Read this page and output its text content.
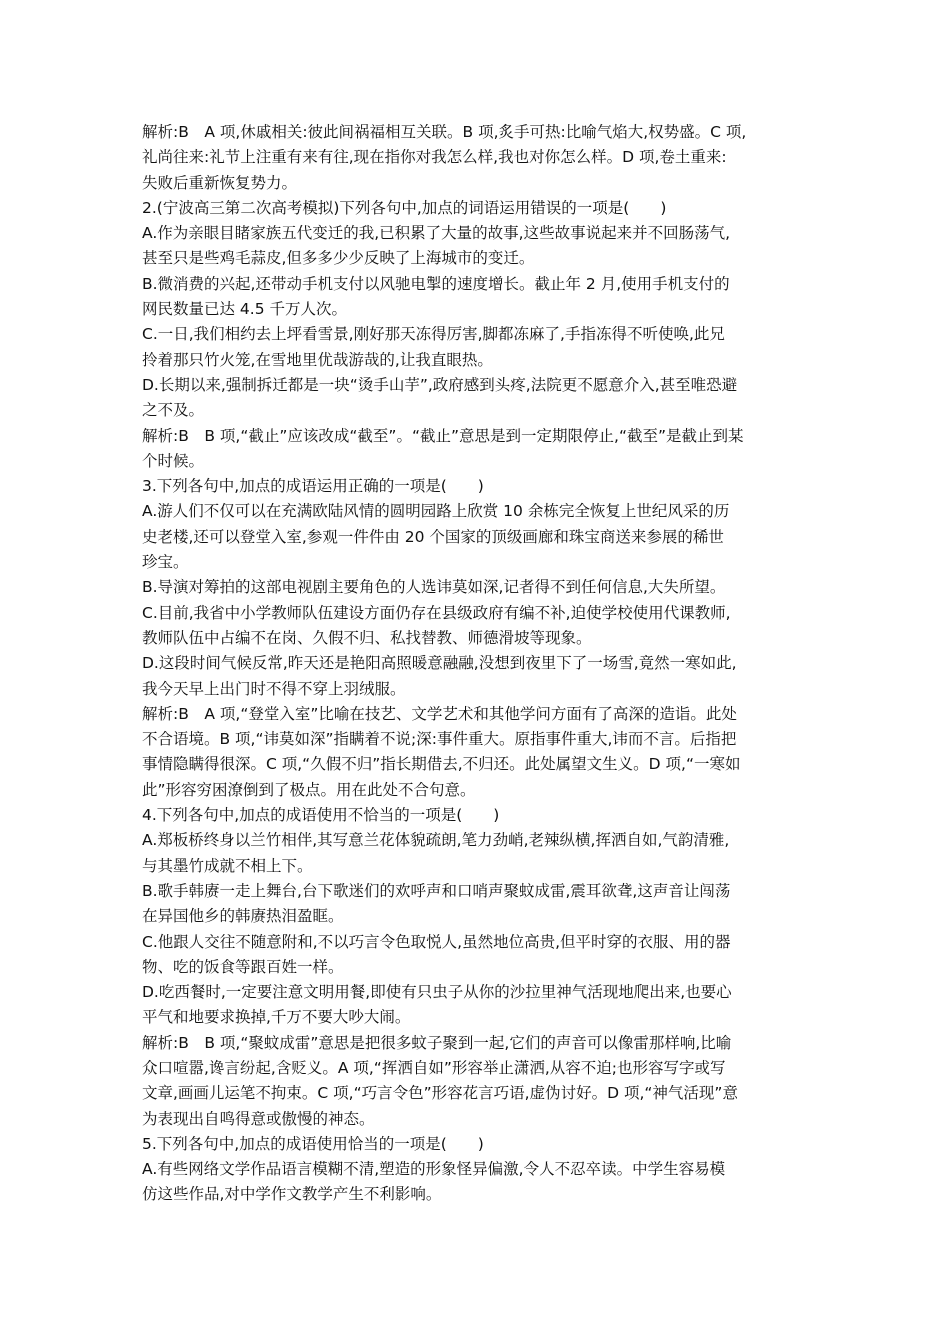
解析:B　A 项,休戚相关:彼此间祸福相互关联。B 项,炙手可热:比喻气焰大,权势盛。C 项,
礼尚往来:礼节上注重有来有往,现在指你对我怎么样,我也对你怎么样。D 项,卷土重来:
失败后重新恢复势力。
2.(宁波高三第二次高考模拟)下列各句中,加点的词语运用错误的一项是(　　)
A.作为亲眼目睹家族五代变迁的我,已积累了大量的故事,这些故事说起来并不回肠荡气,
甚至只是些鸡毛蒜皮,但多多少少反映了上海城市的变迁。
B.微消费的兴起,还带动手机支付以风驰电掣的速度增长。截止年 2 月,使用手机支付的
网民数量已达 4.5 千万人次。
C.一日,我们相约去上坪看雪景,刚好那天冻得厉害,脚都冻麻了,手指冻得不听使唤,此兄
拎着那只竹火笼,在雪地里优哉游哉的,让我直眼热。
D.长期以来,强制拆迁都是一块“烫手山芋”,政府感到头疼,法院更不愿意介入,甚至唯恐避
之不及。
解析:B　B 项,“截止”应该改成“截至”。“截止”意思是到一定期限停止,“截至”是截止到某
个时候。
3.下列各句中,加点的成语运用正确的一项是(　　)
A.游人们不仅可以在充满欧陆风情的圆明园路上欣赏 10 余栋完全恢复上世纪风采的历
史老楼,还可以登堂入室,参观一件件由 20 个国家的顶级画廊和珠宝商送来参展的稀世
珍宝。
B.导演对筹拍的这部电视剧主要角色的人选讳莫如深,记者得不到任何信息,大失所望。
C.目前,我省中小学教师队伍建设方面仍存在县级政府有编不补,迫使学校使用代课教师,
教师队伍中占编不在岗、久假不归、私找替教、师德滑坡等现象。
D.这段时间气候反常,昨天还是艳阳高照暖意融融,没想到夜里下了一场雪,竟然一寒如此,
我今天早上出门时不得不穿上羽绒服。
解析:B　A 项,“登堂入室”比喻在技艺、文学艺术和其他学问方面有了高深的造诣。此处
不合语境。B 项,“讳莫如深”指瞒着不说;深:事件重大。原指事件重大,讳而不言。后指把
事情隐瞒得很深。C 项,“久假不归”指长期借去,不归还。此处属望文生义。D 项,“一寒如
此”形容穷困潦倒到了极点。用在此处不合句意。
4.下列各句中,加点的成语使用不恰当的一项是(　　)
A.郑板桥终身以兰竹相伴,其写意兰花体貌疏朗,笔力劲峭,老辣纵横,挥洒自如,气韵清雅,
与其墨竹成就不相上下。
B.歌手韩赓一走上舞台,台下歌迷们的欢呼声和口哨声聚蚊成雷,震耳欲聋,这声音让闯荡
在异国他乡的韩赓热泪盈眶。
C.他跟人交往不随意附和,不以巧言令色取悦人,虽然地位高贵,但平时穿的衣服、用的器
物、吃的饭食等跟百姓一样。
D.吃西餐时,一定要注意文明用餐,即使有只虫子从你的沙拉里神气活现地爬出来,也要心
平气和地要求换掉,千万不要大吵大闹。
解析:B　B 项,“聚蚊成雷”意思是把很多蚊子聚到一起,它们的声音可以像雷那样响,比喻
众口喧嚣,谗言纷起,含贬义。A 项,“挥洒自如”形容举止潇洒,从容不迫;也形容写字或写
文章,画画儿运笔不拘束。C 项,“巧言令色”形容花言巧语,虚伪讨好。D 项,“神气活现”意
为表现出自鸣得意或傲慢的神态。
5.下列各句中,加点的成语使用恰当的一项是(　　)
A.有些网络文学作品语言模糊不清,塑造的形象怪异偏激,令人不忍卒读。中学生容易模
仿这些作品,对中学作文教学产生不利影响。
